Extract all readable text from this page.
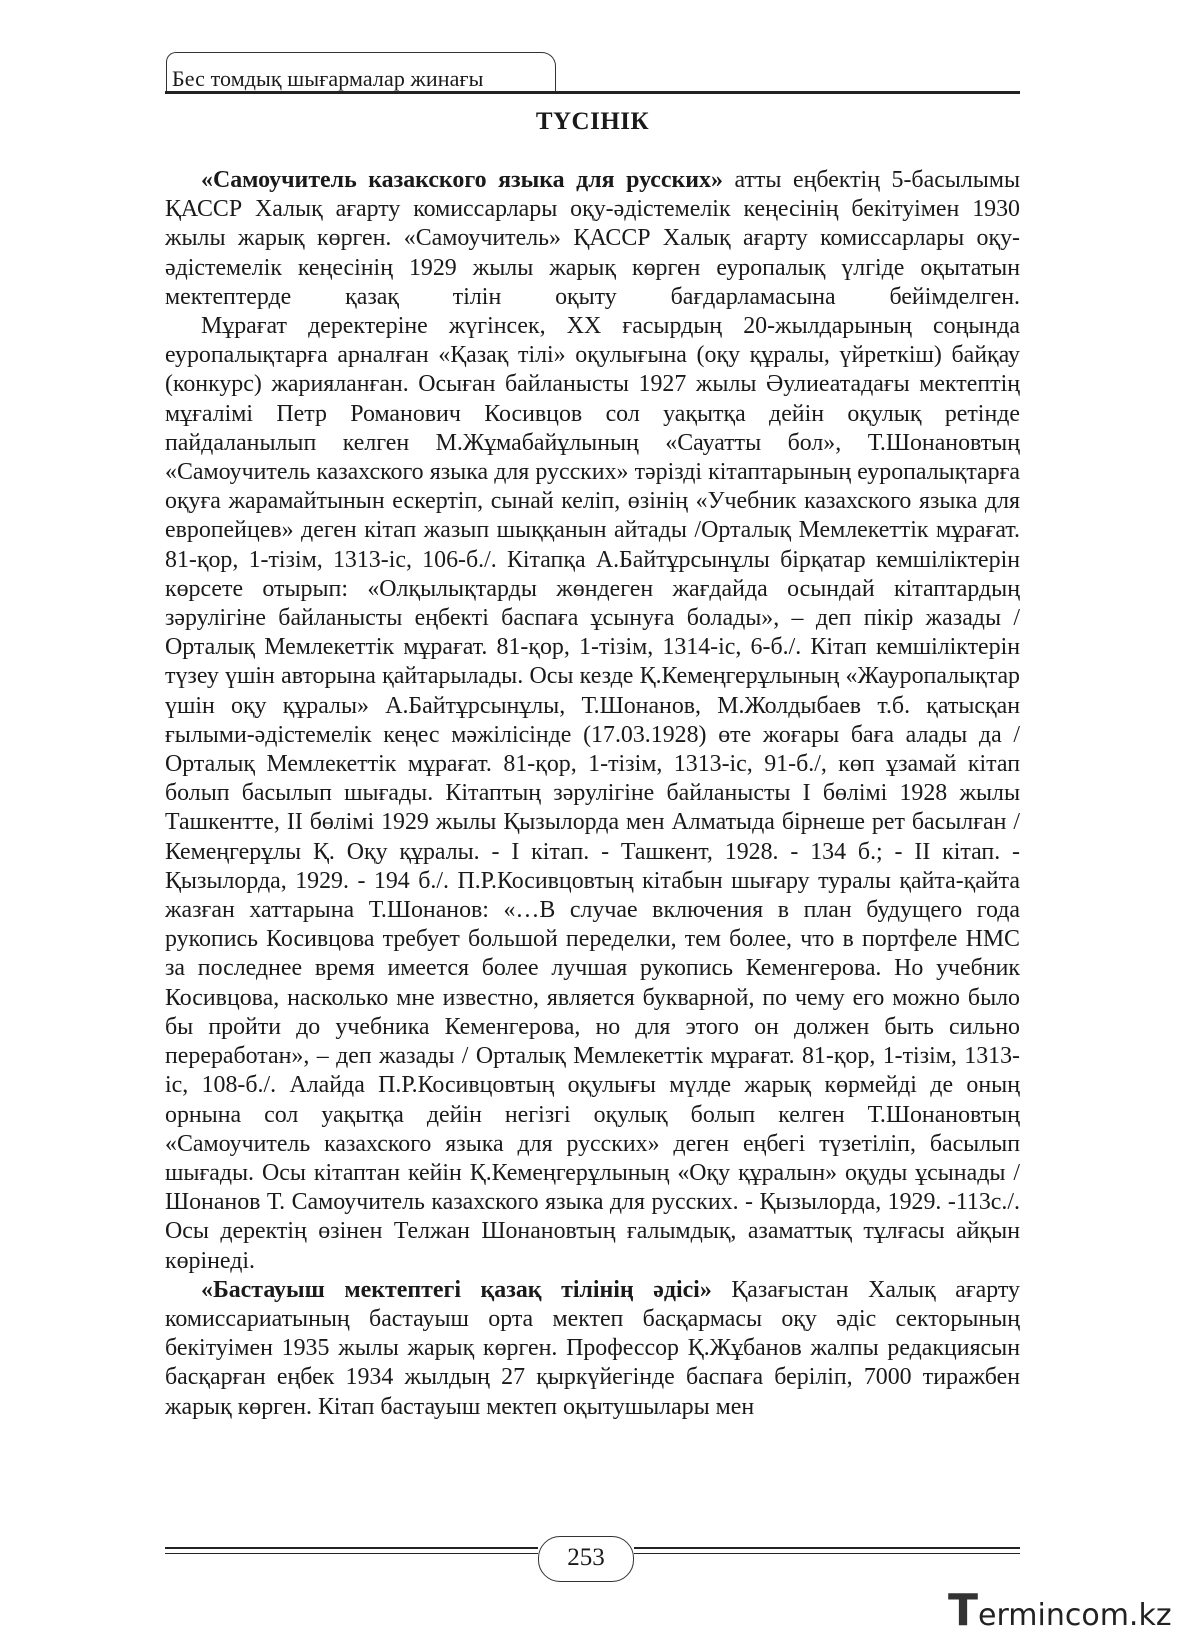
Бес томдық шығармалар жинағы
ТҮСІНІК

«Самоучитель казакского языка для русских» атты еңбектің 5-басылымы ҚАССР Халық ағарту комиссарлары оқу-әдістемелік кеңесінің бекітуімен 1930 жылы жарық көрген. «Самоучитель» ҚАССР Халық ағарту комиссарлары оқу-әдістемелік кеңесінің 1929 жылы жарық көрген еуропалық үлгіде оқытатын мектептерде қазақ тілін оқыту бағдарламасына бейімделген.

Мұрағат деректеріне жүгінсек, ХХ ғасырдың 20-жылдарының соңында еуропалықтарға арналған «Қазақ тілі» оқулығына (оқу құралы, үйреткіш) байқау (конкурс) жарияланған. Осыған байланысты 1927 жылы Әулиеатадағы мектептің мұғалімі Петр Романович Косивцов сол уақытқа дейін оқулық ретінде пайдаланылып келген М.Жұмабайұлының «Сауатты бол», Т.Шонановтың «Самоучитель казахского языка для русских» тәрізді кітаптарының еуропалықтарға оқуға жарамайтынын ескертіп, сынай келіп, өзінің «Учебник казахского языка для европейцев» деген кітап жазып шыққанын айтады /Орталық Мемлекеттік мұрағат. 81-қор, 1-тізім, 1313-іс, 106-б./. Кітапқа А.Байтұрсынұлы бірқатар кемшіліктерін көрсете отырып: «Олқылықтарды жөндеген жағдайда осындай кітаптардың зәрулігіне байланысты еңбекті баспаға ұсынуға болады», – деп пікір жазады /Орталық Мемлекеттік мұрағат. 81-қор, 1-тізім, 1314-іс, 6-б./. Кітап кемшіліктерін түзеу үшін авторына қайтарылады. Осы кезде Қ.Кемеңгерұлының «Жауропалықтар үшін оқу құралы» А.Байтұрсынұлы, Т.Шонанов, М.Жолдыбаев т.б. қатысқан ғылыми-әдістемелік кеңес мәжілісінде (17.03.1928) өте жоғары баға алады да /Орталық Мемлекеттік мұрағат. 81-қор, 1-тізім, 1313-іс, 91-б./, көп ұзамай кітап болып басылып шығады. Кітаптың зәрулігіне байланысты І бөлімі 1928 жылы Ташкентте, ІІ бөлімі 1929 жылы Қызылорда мен Алматыда бірнеше рет басылған / Кемеңгерұлы Қ. Оқу құралы. - І кітап. - Ташкент, 1928. - 134 б.; - ІІ кітап. - Қызылорда, 1929. - 194 б./. П.Р.Косивцовтың кітабын шығару туралы қайта-қайта жазған хаттарына Т.Шонанов: «…В случае включения в план будущего года рукопись Косивцова требует большой переделки, тем более, что в портфеле НМС за последнее время имеется более лучшая рукопись Кеменгерова. Но учебник Косивцова, насколько мне известно, является букварной, по чему его можно было бы пройти до учебника Кеменгерова, но для этого он должен быть сильно переработан», – деп жазады / Орталық Мемлекеттік мұрағат. 81-қор, 1-тізім, 1313-іс, 108-б./. Алайда П.Р.Косивцовтың оқулығы мүлде жарық көрмейді де оның орнына сол уақытқа дейін негізгі оқулық болып келген Т.Шонановтың «Самоучитель казахского языка для русских» деген еңбегі түзетіліп, басылып шығады. Осы кітаптан кейін Қ.Кемеңгерұлының «Оқу құралын» оқуды ұсынады /Шонанов Т. Самоучитель казахского языка для русских. - Қызылорда, 1929. -113с./. Осы деректің өзінен Телжан Шонановтың ғалымдық, азаматтық тұлғасы айқын көрінеді.

«Бастауыш мектептегі қазақ тілінің әдісі» Қазағыстан Халық ағарту комиссариатының бастауыш орта мектеп басқармасы оқу әдіс секторының бекітуімен 1935 жылы жарық көрген. Профессор Қ.Жұбанов жалпы редакциясын басқарған еңбек 1934 жылдың 27 қыркүйегінде баспаға беріліп, 7000 тиражбен жарық көрген. Кітап бастауыш мектеп оқытушылары мен

253
Termincоm.kz
